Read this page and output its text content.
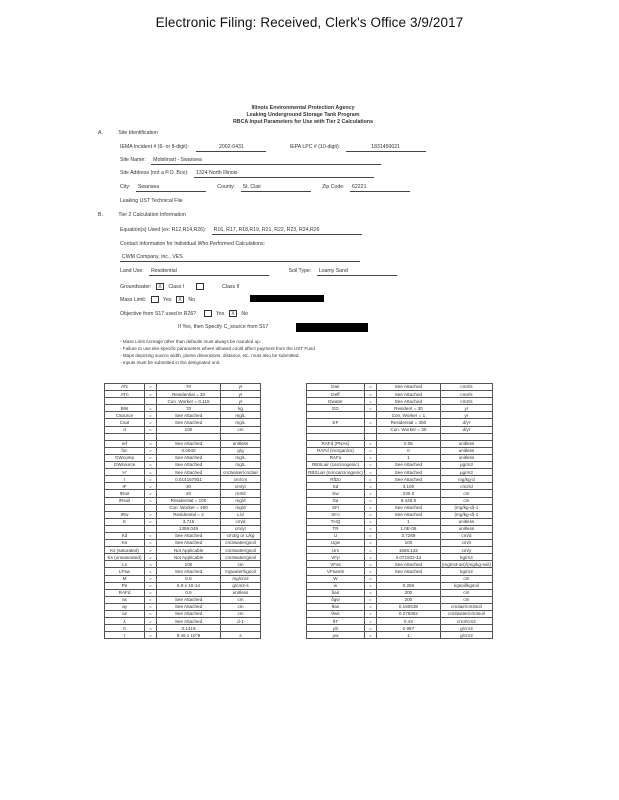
Electronic Filing: Received, Clerk's Office 3/9/2017
Illinois Environmental Protection Agency
Leaking Underground Storage Tank Program
RBCA Input Parameters for Use with Tier 2 Calculations
A.	Site Identification
IEMA Incident # (6- or 8-digit):	2002-0431	IEPA LPC # (10-digit):	1831450021
Site Name: Mobilmart - Swansea
Site Address (not a P.O. Box): 1324 North Illinois
City: Swansea	County: St. Clair	Zip Code: 62221
Leaking UST Technical File
B.	Tier 2 Calculation Information
Equation(s) Used (ex: R12,R14,R26): R16, R17, R18,R19, R21, R22, R23, R24,R26
Contact Information for Individual Who Performed Calculations:
CWM Company, Inc., VES
Land Use: Residential	Soil Type: Loamy Sand
Groundwater: X Class I	Class II
Mass Limit:	Yes X No
Objective from S17 used in R26?	Yes X No
If Yes, then Specify C_source from S17
- Mass Limit Acreage other than defaults must always be rounded up.
- Failure to use site-specific parameters where allowed could affect payment from the UST Fund
- Maps depicting source width, plume dimensions, distance, etc. must also be submitted.
- Inputs must be submitted in the designated unit.
ATc	=	70	yr
ATn	=	Residential = 30	yr
		Con. Worker = 0.115	yr
BW	=	70	kg
Csource	=	See Attached	mg/L
Csat	=	See Attached	mg/L
d	=	100	cm

erf	=	See Attached	unitless
foc	=	0.0040	g/g
GWcomp	=	See Attached	mg/L
GWsource	=	See Attached	mg/L
H'	=	See Attached	cm3water/cm3air
I	=	0.014157931	cm/cm
IF	=	30	cm/yr
IRair	=	20	m3/d
IRsoil	=	Residential = 100	mg/d
		Con. Worker = 480	mg/d
IRw	=	Residential = 2	L/d
K	=	3.715	cm/d
		1356.049	cm/yr
Kd	=	See Attached	cm3/g or L/kg
Ks	=	See Attached	cm3water/gsoil
Ks (saturated)	=	Not Applicable	cm3water/gsoil
Ks (unsaturated)	=	Not Applicable	cm3water/gsoil
Ls	=	100	cm
LFsw	=	See Attached	mgwater/kgsoil
M	=	0.5	mg/cm2
Pe	=	6.9 x 10-14	g/cm2-s
RAFd	=	0.5	unitless
ax	=	See Attached	cm
ay	=	See Attached	cm
az	=	See Attached	cm
λ	=	See Attached	d-1
π	=	3.1416	
τ	=	9.46 x 10^8	s
Dair	=	See Attached	cm2/s
Deff	=	See Attached	cm2/s
Dwater	=	See Attached	cm2/s
ED	=	Resident = 30	yr
		Con. Worker = 1	yr
EF	=	Residential = 350	d/yr
		Con. Worker = 30	d/yr

RAFd (PNAs)	=	0.05	unitless
RAFd (inorganics)	=	0	unitless
RAFo	=	1	unitless
RBSLair (carcinogenic)	=	See Attached	μg/m3
RBSLair (noncarcinogenic)	=	See Attached	μg/m3
RfDo	=	See Attached	mg/kg-d
Sd	=	3,100	cm2/d
Sw	=	230.0	cm
Sa	=	9,448.8	cm
SFi	=	See Attached	(mg/kg-d)-1
SFo	=	See Attached	(mg/kg-d)-1
THQ	=	1	unitless
TR	=	1.0E-06	unitless
U	=	3.7269	cm/d
Ugw	=	100	cm/s
Um	=	1556.132	cm/y
VFp	=	3.071932-12	kg/m3
VFss	=	See Attached	(mg/m3-air)/(mg/kg-soil)
VFsamb	=	See Attached	kg/m3
W	=		cm
w	=	0.286	kgsoil/kgsoil
δair	=	200	cm
δgw	=	200	cm
θas	=	0.160438	cm3air/cm3soil
θws	=	0.276362	cm3water/cm3soil
θT	=	0.43	cm3/cm3
ρb	=	0.987	g/cm3
ρw	=	1	g/cm3
